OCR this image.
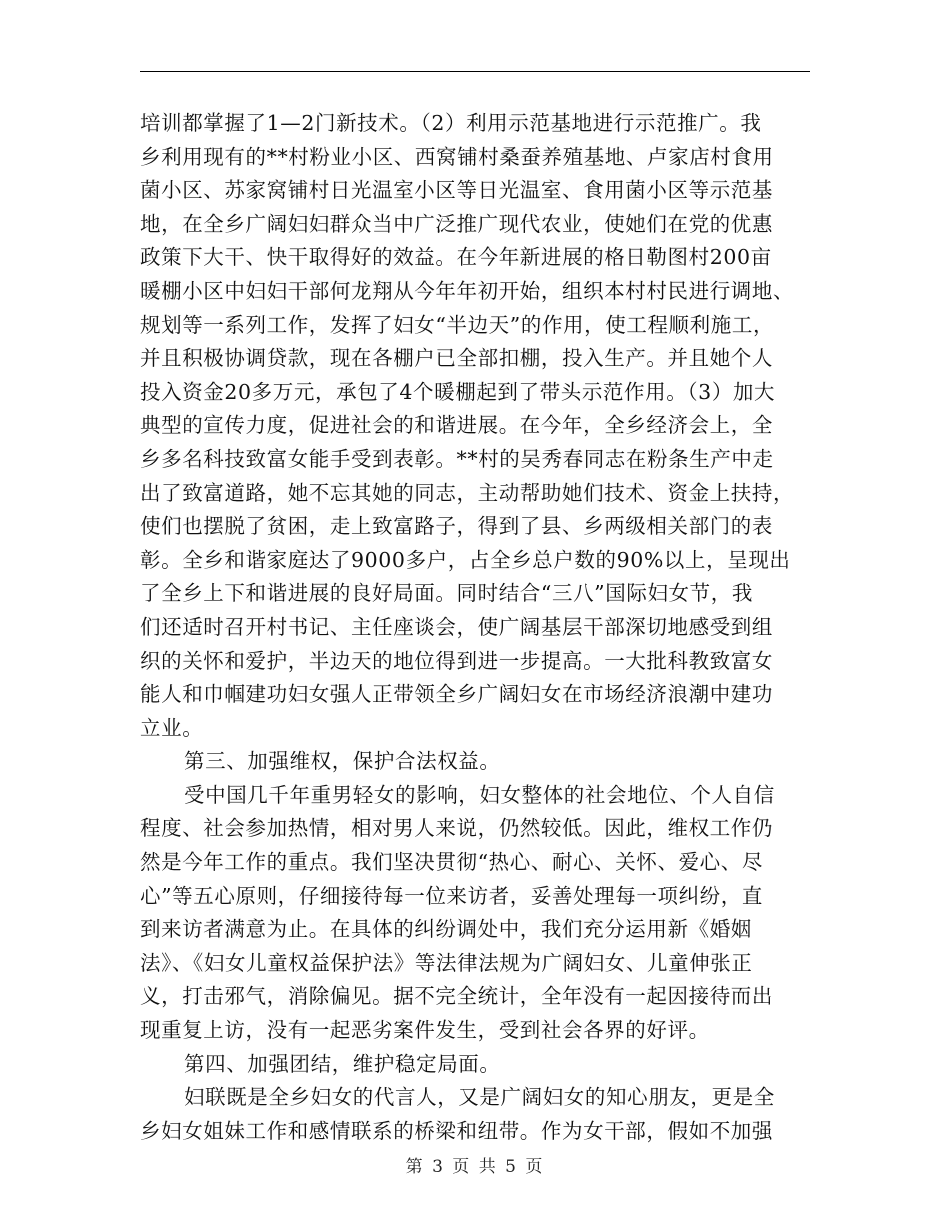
培训都掌握了1—2门新技术。（2）利用示范基地进行示范推广。我
乡利用现有的**村粉业小区、西窝铺村桑蚕养殖基地、卢家店村食用
菌小区、苏家窝铺村日光温室小区等日光温室、食用菌小区等示范基
地，在全乡广阔妇妇群众当中广泛推广现代农业，使她们在党的优惠
政策下大干、快干取得好的效益。在今年新进展的格日勒图村200亩
暖棚小区中妇妇干部何龙翔从今年年初开始，组织本村村民进行调地、
规划等一系列工作，发挥了妇女“半边天”的作用，使工程顺利施工，
并且积极协调贷款，现在各棚户已全部扣棚，投入生产。并且她个人
投入资金20多万元，承包了4个暖棚起到了带头示范作用。（3）加大
典型的宣传力度，促进社会的和谐进展。在今年，全乡经济会上，全
乡多名科技致富女能手受到表彰。**村的吴秀春同志在粉条生产中走
出了致富道路，她不忘其她的同志，主动帮助她们技术、资金上扶持，
使们也摆脱了贫困，走上致富路子，得到了县、乡两级相关部门的表
彰。全乡和谐家庭达了9000多户，占全乡总户数的90%以上，呈现出
了全乡上下和谐进展的良好局面。同时结合“三八”国际妇女节，我
们还适时召开村书记、主任座谈会，使广阔基层干部深切地感受到组
织的关怀和爱护，半边天的地位得到进一步提高。一大批科教致富女
能人和巾帼建功妇女强人正带领全乡广阔妇女在市场经济浪潮中建功
立业。
第三、加强维权，保护合法权益。
受中国几千年重男轻女的影响，妇女整体的社会地位、个人自信
程度、社会参加热情，相对男人来说，仍然较低。因此，维权工作仍
然是今年工作的重点。我们坚决贯彻“热心、耐心、关怀、爱心、尽
心”等五心原则，仔细接待每一位来访者，妥善处理每一项纠纷，直
到来访者满意为止。在具体的纠纷调处中，我们充分运用新《婚姻
法》、《妇女儿童权益保护法》等法律法规为广阔妇女、儿童伸张正
义，打击邪气，消除偏见。据不完全统计，全年没有一起因接待而出
现重复上访，没有一起恶劣案件发生，受到社会各界的好评。
第四、加强团结，维护稳定局面。
妇联既是全乡妇女的代言人，又是广阔妇女的知心朋友，更是全
乡妇女姐妹工作和感情联系的桥梁和纽带。作为女干部，假如不加强
第 3 页 共 5 页
